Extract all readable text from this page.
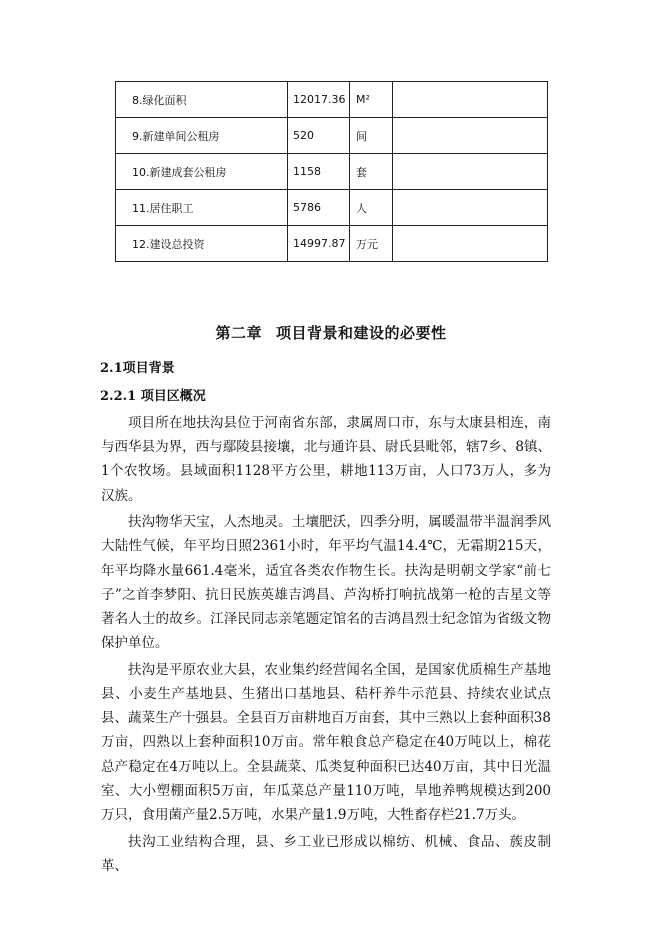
8.绿化面积	12017.36	M²	
9.新建单间公租房	520	间	
10.新建成套公租房	1158	套	
11.居住职工	5786	人	
12.建设总投资	14997.87	万元	
第二章 项目背景和建设的必要性
2.1项目背景
2.2.1 项目区概况

项目所在地扶沟县位于河南省东部，隶属周口市，东与太康县相连，南与西华县为界，西与鄢陵县接壤，北与通许县、尉氏县毗邻，辖7乡、8镇、1个农牧场。县域面积1128平方公里，耕地113万亩，人口73万人，多为汉族。

扶沟物华天宝，人杰地灵。土壤肥沃，四季分明，属暖温带半温润季风大陆性气候，年平均日照2361小时，年平均气温14.4℃，无霜期215天，年平均降水量661.4毫米，适宜各类农作物生长。扶沟是明朝文学家“前七子”之首李梦阳、抗日民族英雄吉鸿昌、芦沟桥打响抗战第一枪的吉星文等著名人士的故乡。江泽民同志亲笔题定馆名的吉鸿昌烈士纪念馆为省级文物保护单位。

扶沟是平原农业大县，农业集约经营闻名全国，是国家优质棉生产基地县、小麦生产基地县、生猪出口基地县、秸杆养牛示范县、持续农业试点县、蔬菜生产十强县。全县百万亩耕地百万亩套，其中三熟以上套种面积38万亩，四熟以上套种面积10万亩。常年粮食总产稳定在40万吨以上，棉花总产稳定在4万吨以上。全县蔬菜、瓜类复种面积已达40万亩，其中日光温室、大小塑棚面积5万亩，年瓜菜总产量110万吨，旱地养鸭规模达到200万只，食用菌产量2.5万吨，水果产量1.9万吨，大牲畜存栏21.7万头。

扶沟工业结构合理，县、乡工业已形成以棉纺、机械、食品、蔟皮制革、
